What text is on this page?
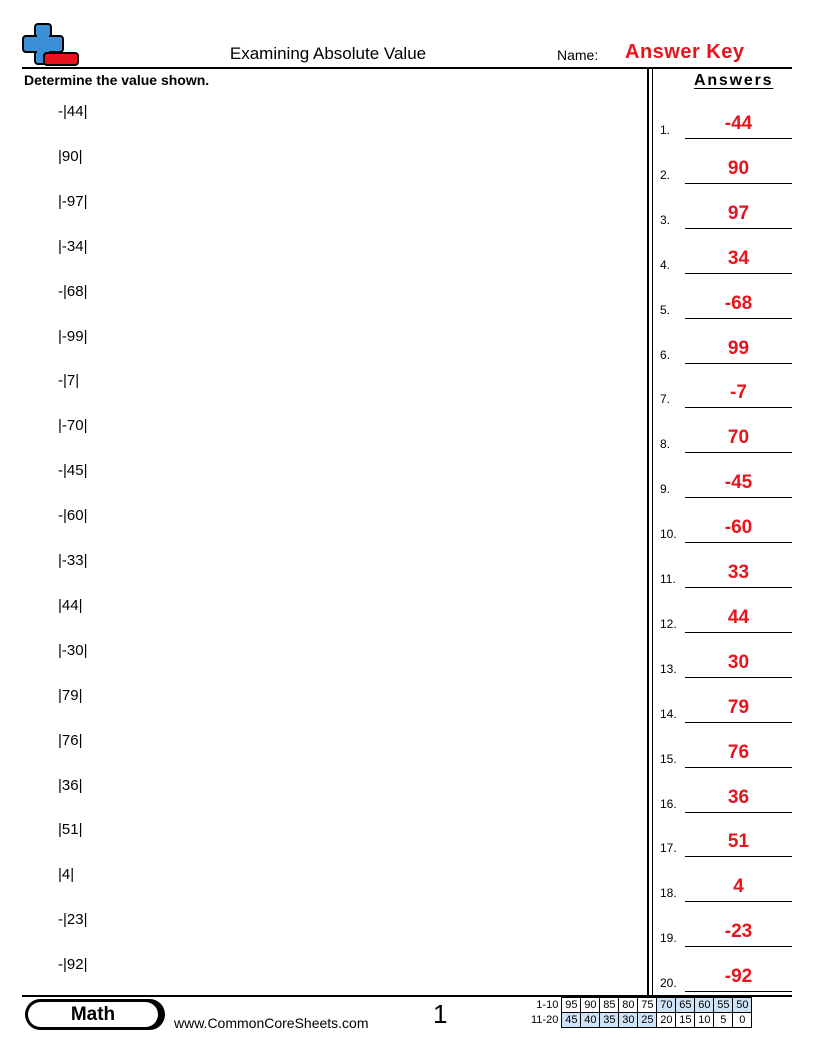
Examining Absolute Value	Name: Answer Key
Determine the value shown.
-|44|
|90|
|-97|
|-34|
-|68|
|-99|
-|7|
|-70|
-|45|
-|60|
|-33|
|44|
|-30|
|79|
|76|
|36|
|51|
|4|
-|23|
-|92|
Answers
1.	-44
2.	90
3.	97
4.	34
5.	-68
6.	99
7.	-7
8.	70
9.	-45
10.	-60
11.	33
12.	44
13.	30
14.	79
15.	76
16.	36
17.	51
18.	4
19.	-23
20.	-92
Math	www.CommonCoreSheets.com 1	1-10	95	90	85	80	75	70	65	60	55	50
11-20	45	40	35	30	25	20	15	10	5	0
